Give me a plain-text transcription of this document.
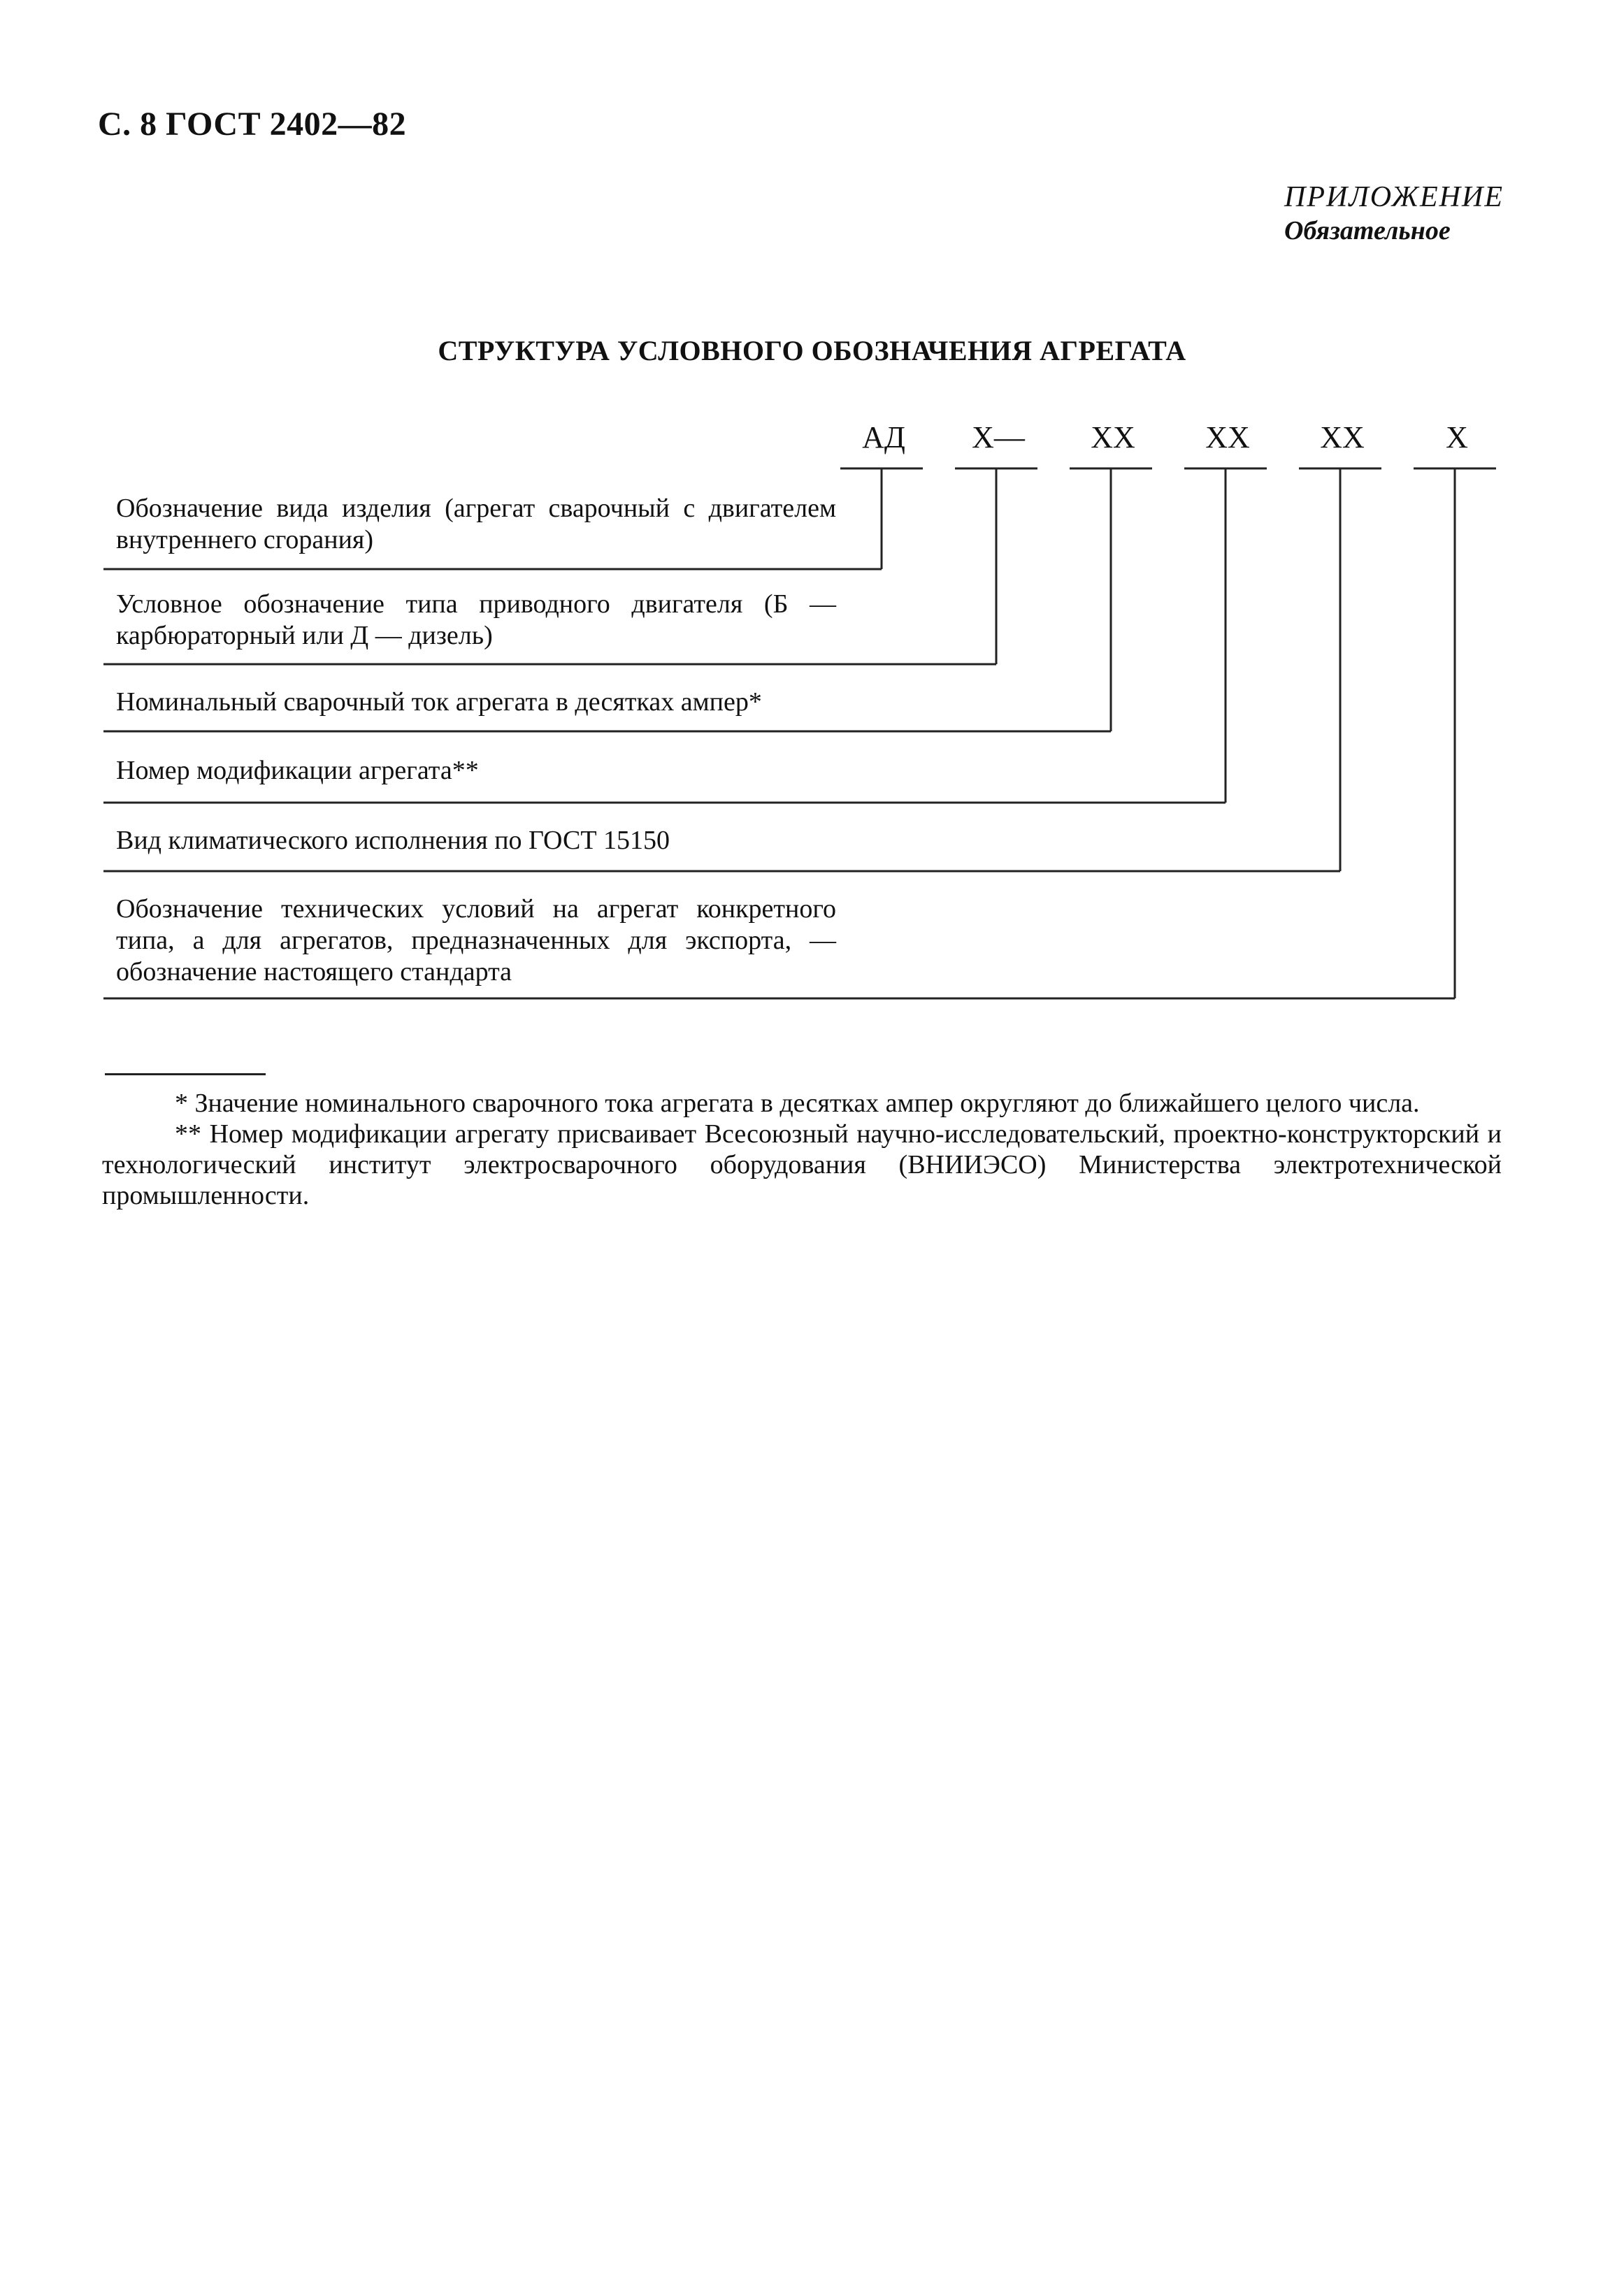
С. 8 ГОСТ 2402—82
ПРИЛОЖЕНИЕ
Обязательное
СТРУКТУРА УСЛОВНОГО ОБОЗНАЧЕНИЯ АГРЕГАТА
АД	Х—	ХХ	ХХ	ХХ	Х
Обозначение вида изделия (агрегат сварочный с двигателем внутреннего сгорания)
Условное обозначение типа приводного двигателя (Б — карбюраторный или Д — дизель)
Номинальный сварочный ток агрегата в десятках ампер*
Номер модификации агрегата**
Вид климатического исполнения по ГОСТ 15150
Обозначение технических условий на агрегат конкретного типа, а для агрегатов, предназначенных для экспорта, — обозначение настоящего стандарта

* Значение номинального сварочного тока агрегата в десятках ампер округляют до ближайшего целого числа.

** Номер модификации агрегату присваивает Всесоюзный научно-исследовательский, проектно-конструкторский и технологический институт электросварочного оборудования (ВНИИЭСО) Министерства электротехнической промышленности.
